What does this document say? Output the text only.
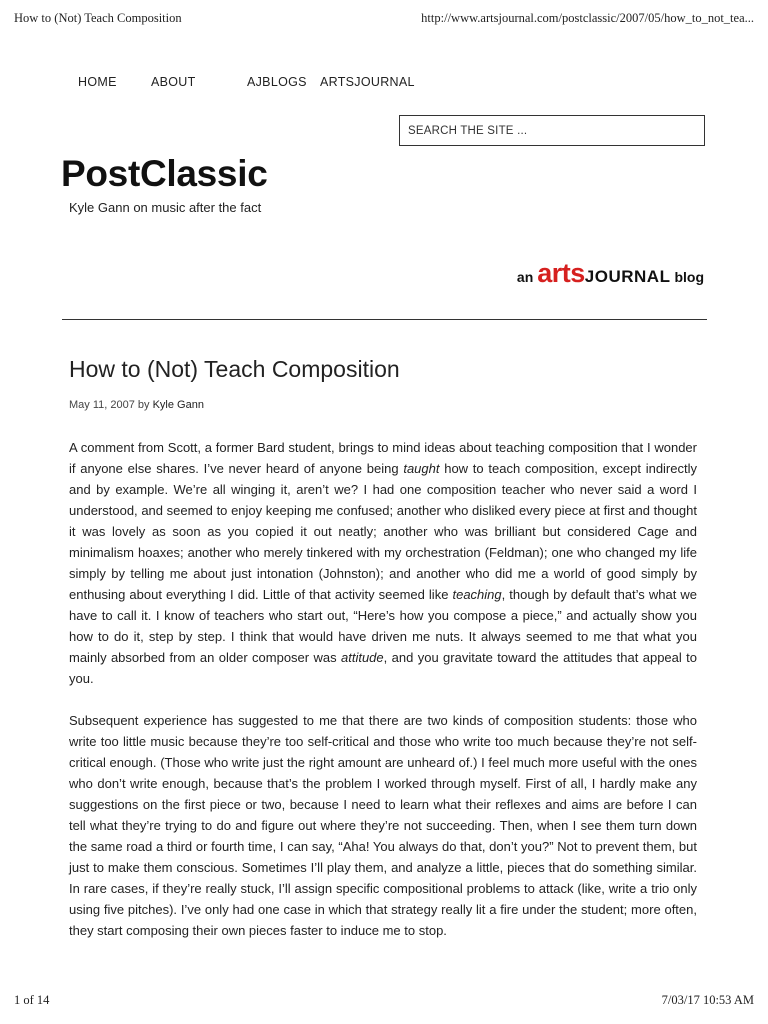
How to (Not) Teach Composition	http://www.artsjournal.com/postclassic/2007/05/how_to_not_tea...
HOME	ABOUT	AJBLOGS	ARTSJOURNAL
SEARCH THE SITE ...
PostClassic
Kyle Gann on music after the fact
an artsJOURNAL blog
How to (Not) Teach Composition
May 11, 2007 by Kyle Gann

A comment from Scott, a former Bard student, brings to mind ideas about teaching composition that I wonder if anyone else shares. I’ve never heard of anyone being taught how to teach composition, except indirectly and by example. We’re all winging it, aren’t we? I had one composition teacher who never said a word I understood, and seemed to enjoy keeping me confused; another who disliked every piece at first and thought it was lovely as soon as you copied it out neatly; another who was brilliant but considered Cage and minimalism hoaxes; another who merely tinkered with my orchestration (Feldman); one who changed my life simply by telling me about just intonation (Johnston); and another who did me a world of good simply by enthusing about everything I did. Little of that activity seemed like teaching, though by default that’s what we have to call it. I know of teachers who start out, “Here’s how you compose a piece,” and actually show you how to do it, step by step. I think that would have driven me nuts. It always seemed to me that what you mainly absorbed from an older composer was attitude, and you gravitate toward the attitudes that appeal to you.

Subsequent experience has suggested to me that there are two kinds of composition students: those who write too little music because they’re too self-critical and those who write too much because they’re not self-critical enough. (Those who write just the right amount are unheard of.) I feel much more useful with the ones who don’t write enough, because that’s the problem I worked through myself. First of all, I hardly make any suggestions on the first piece or two, because I need to learn what their reflexes and aims are before I can tell what they’re trying to do and figure out where they’re not succeeding. Then, when I see them turn down the same road a third or fourth time, I can say, “Aha! You always do that, don’t you?” Not to prevent them, but just to make them conscious. Sometimes I’ll play them, and analyze a little, pieces that do something similar. In rare cases, if they’re really stuck, I’ll assign specific compositional problems to attack (like, write a trio only using five pitches). I’ve only had one case in which that strategy really lit a fire under the student; more often, they start composing their own pieces faster to induce me to stop.

1 of 14	7/03/17 10:53 AM
